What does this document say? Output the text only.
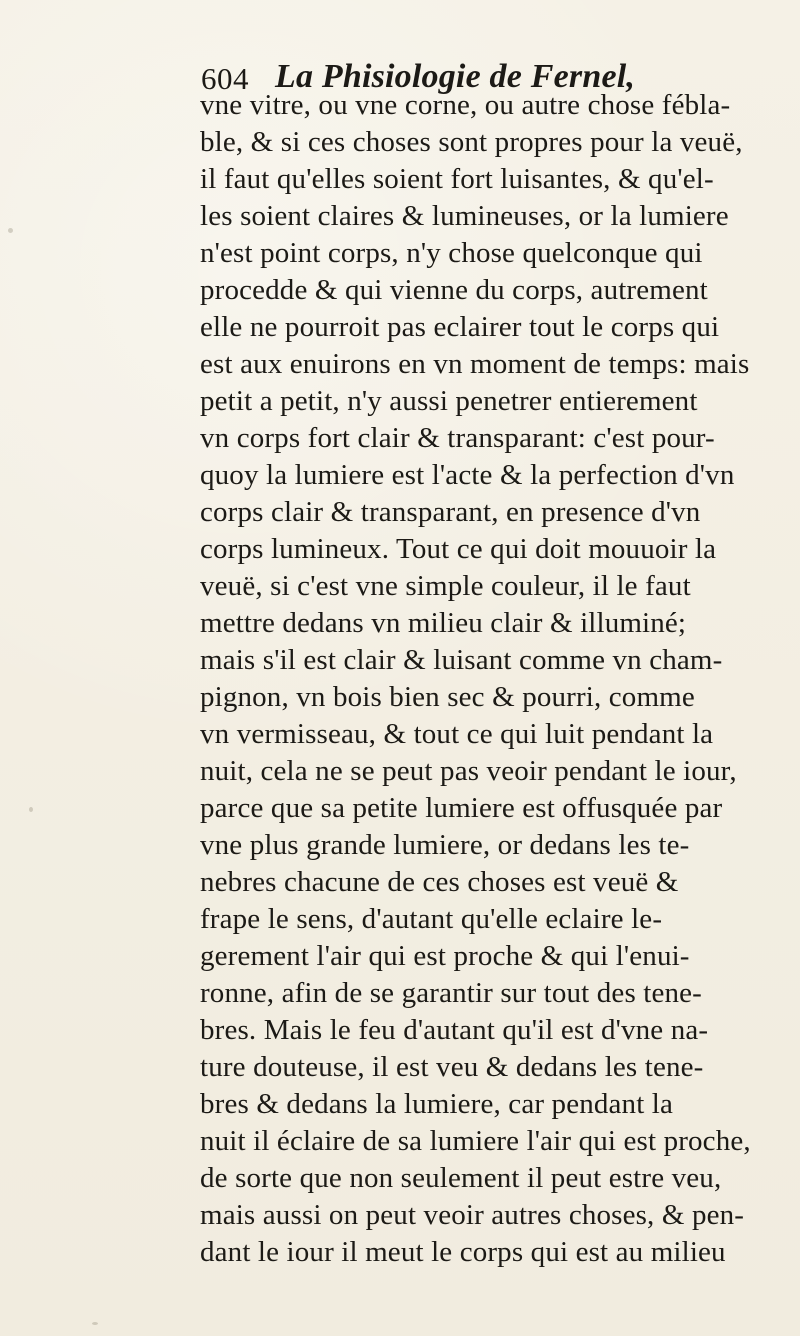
604 La Phisiologie de Fernel,
vne vitre, ou vne corne, ou autre chose fébla-
ble, & si ces choses sont propres pour la veuë,
il faut qu'elles soient fort luisantes, & qu'el-
les soient claires & lumineuses, or la lumiere
n'est point corps, n'y chose quelconque qui
procedde & qui vienne du corps, autrement
elle ne pourroit pas eclairer tout le corps qui
est aux enuirons en vn moment de temps: mais
petit a petit, n'y aussi penetrer entierement
vn corps fort clair & transparant: c'est pour-
quoy la lumiere est l'acte & la perfection d'vn
corps clair & transparant, en presence d'vn
corps lumineux. Tout ce qui doit mouuoir la
veuë, si c'est vne simple couleur, il le faut
mettre dedans vn milieu clair & illuminé;
mais s'il est clair & luisant comme vn cham-
pignon, vn bois bien sec & pourri, comme
vn vermisseau, & tout ce qui luit pendant la
nuit, cela ne se peut pas veoir pendant le iour,
parce que sa petite lumiere est offusquée par
vne plus grande lumiere, or dedans les te-
nebres chacune de ces choses est veuë &
frape le sens, d'autant qu'elle eclaire le-
gerement l'air qui est proche & qui l'enui-
ronne, afin de se garantir sur tout des tene-
bres. Mais le feu d'autant qu'il est d'vne na-
ture douteuse, il est veu & dedans les tene-
bres & dedans la lumiere, car pendant la
nuit il éclaire de sa lumiere l'air qui est proche,
de sorte que non seulement il peut estre veu,
mais aussi on peut veoir autres choses, & pen-
dant le iour il meut le corps qui est au milieu
